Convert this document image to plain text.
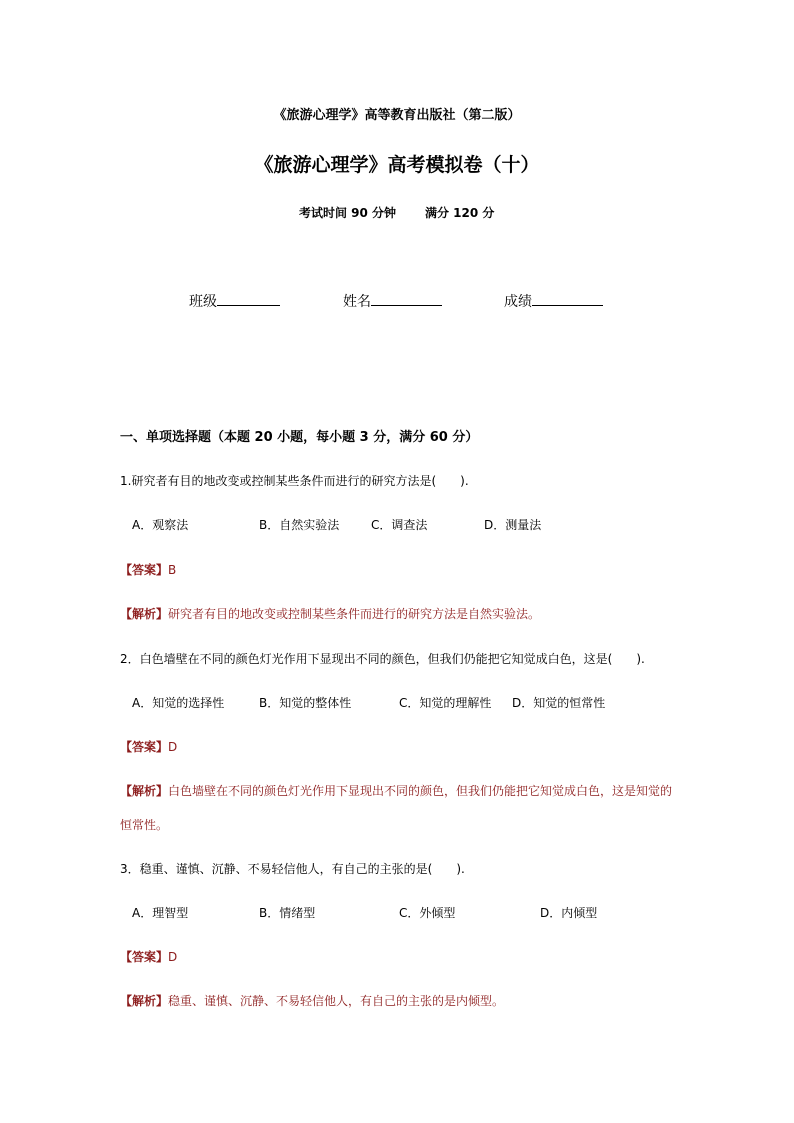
《旅游心理学》高等教育出版社（第二版）
《旅游心理学》高考模拟卷（十）
考试时间 90 分钟 满分 120 分
班级	姓名	成绩
一、单项选择题（本题 20 小题，每小题 3 分，满分 60 分）
1.研究者有目的地改变或控制某些条件而进行的研究方法是(　　).
A．观察法	B．自然实验法	C．调查法	D．测量法
【答案】B
【解析】研究者有目的地改变或控制某些条件而进行的研究方法是自然实验法。
2．白色墙壁在不同的颜色灯光作用下显现出不同的颜色，但我们仍能把它知觉成白色，这是(　　).
A．知觉的选择性	B．知觉的整体性	C．知觉的理解性 D．知觉的恒常性
【答案】D
【解析】白色墙壁在不同的颜色灯光作用下显现出不同的颜色，但我们仍能把它知觉成白色，这是知觉的
恒常性。
3．稳重、谨慎、沉静、不易轻信他人，有自己的主张的是(　　).
A．理智型	B．情绪型	C．外倾型	D．内倾型
【答案】D
【解析】稳重、谨慎、沉静、不易轻信他人，有自己的主张的是内倾型。
